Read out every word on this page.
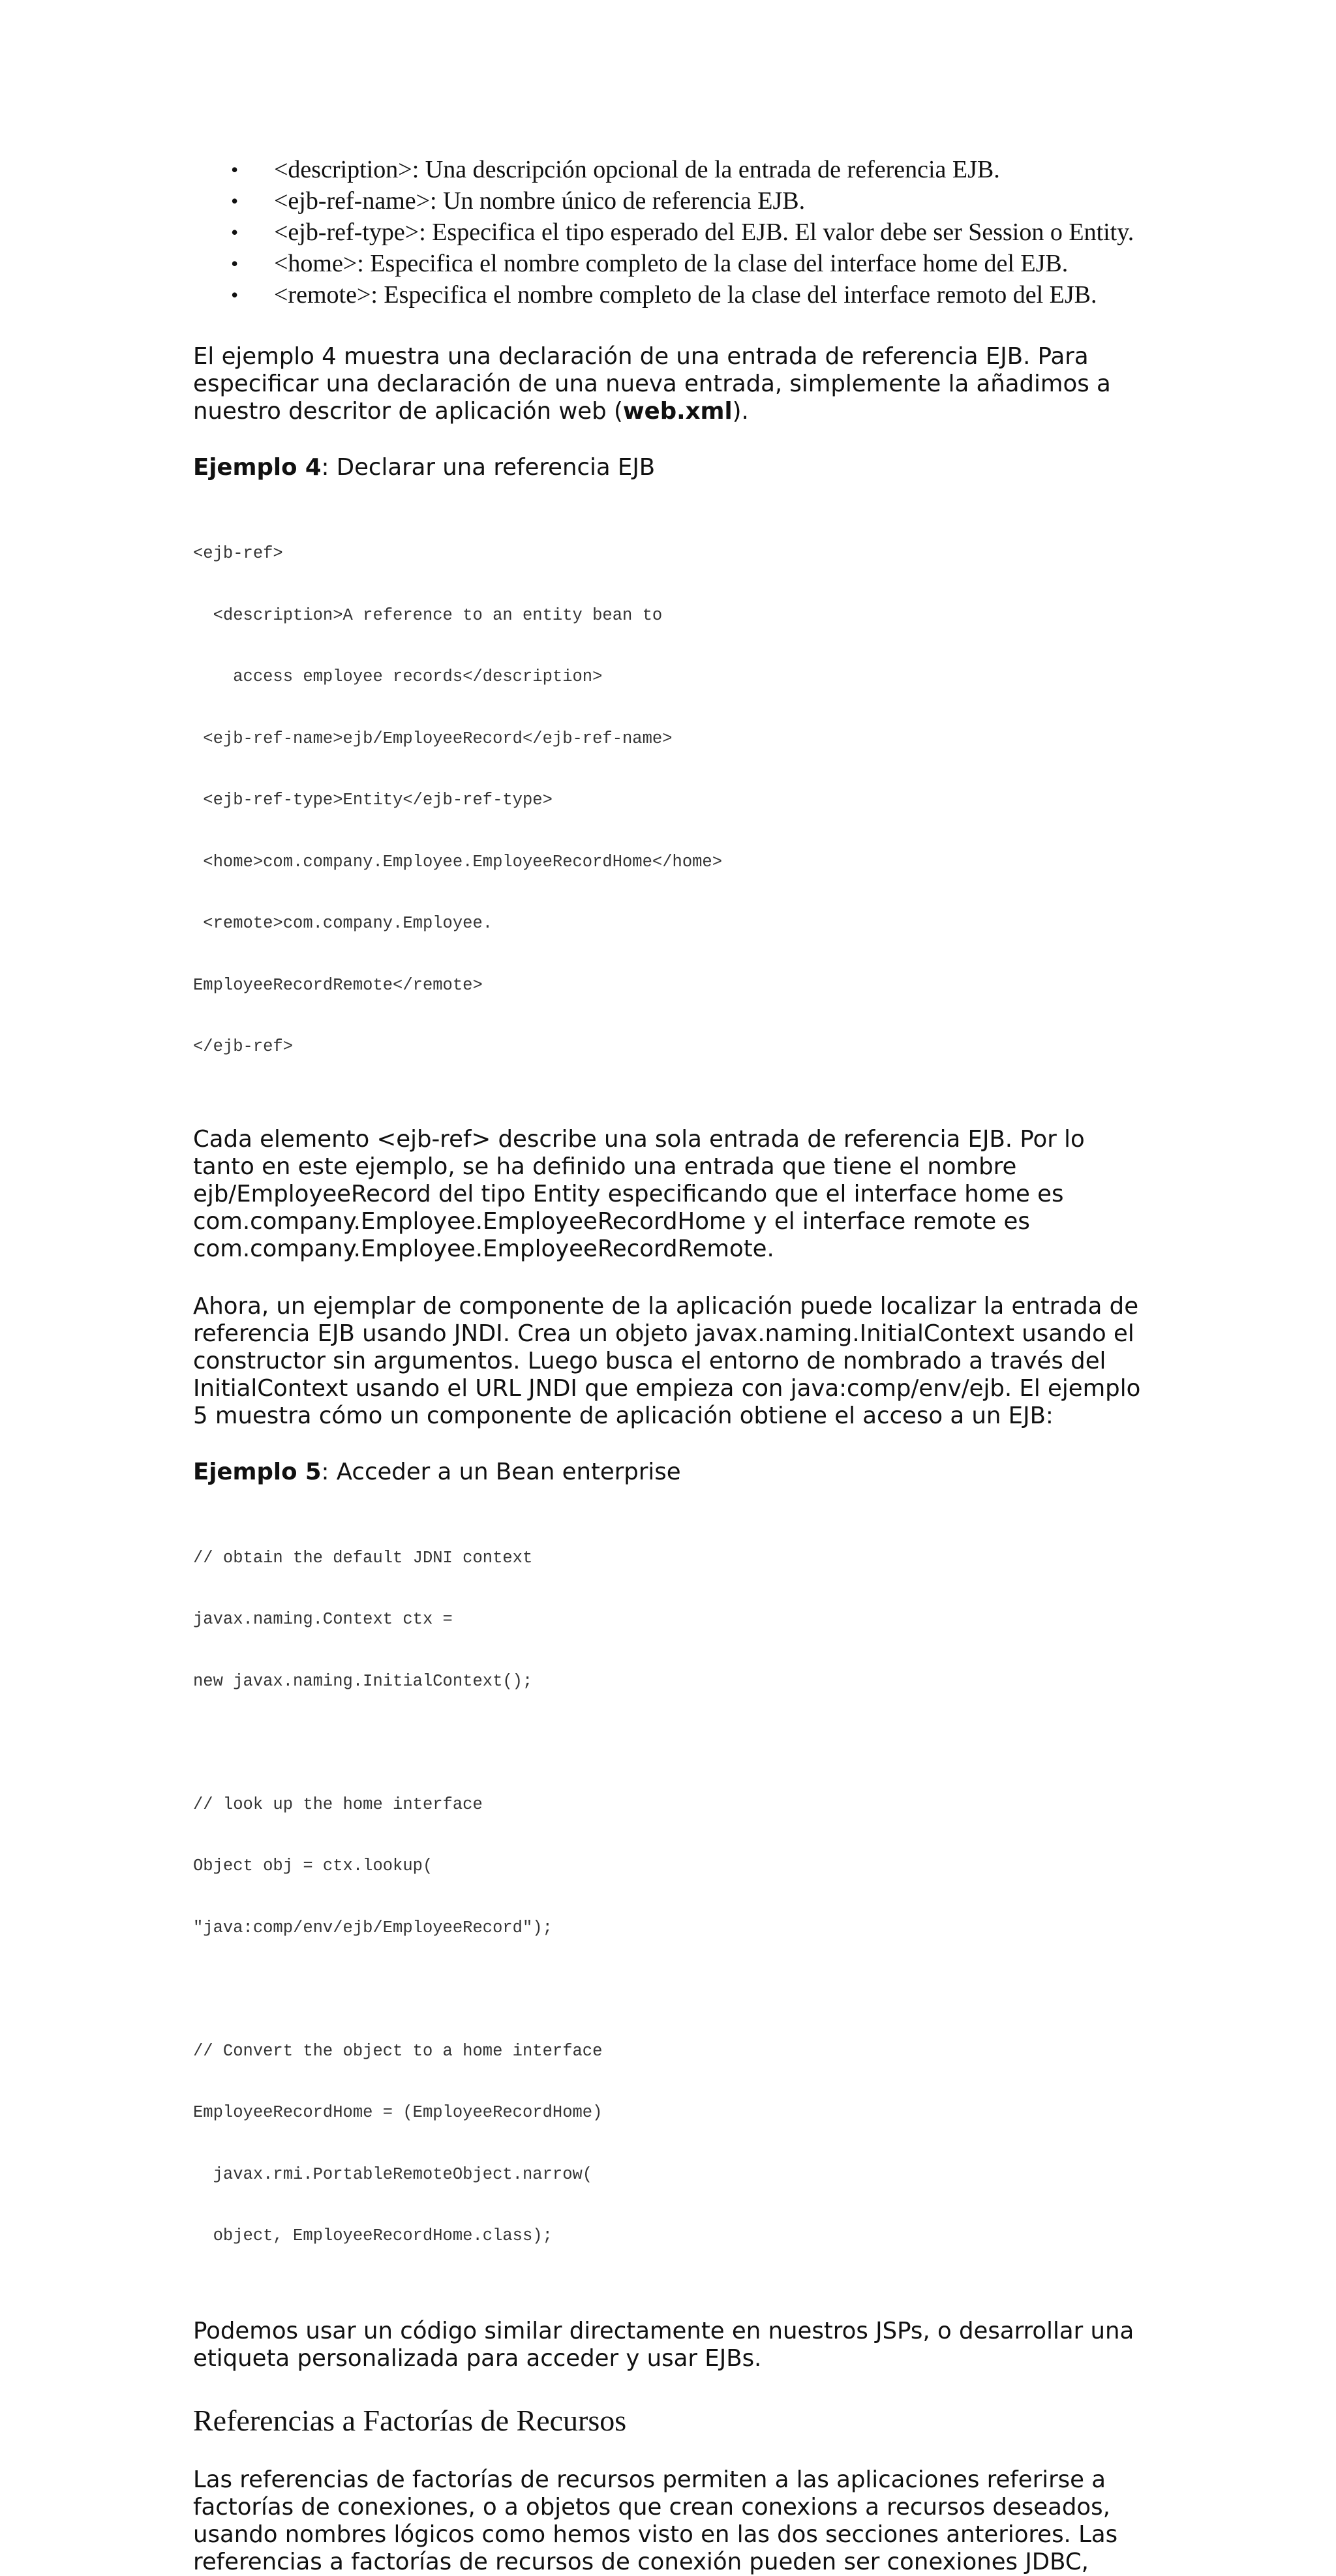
• <description>: Una descripción opcional de la entrada de referencia EJB.
• <ejb-ref-name>: Un nombre único de referencia EJB.
• <ejb-ref-type>: Especifica el tipo esperado del EJB. El valor debe ser Session o Entity.
• <home>: Especifica el nombre completo de la clase del interface home del EJB.
• <remote>: Especifica el nombre completo de la clase del interface remoto del EJB.

El ejemplo 4 muestra una declaración de una entrada de referencia EJB. Para especificar una declaración de una nueva entrada, simplemente la añadimos a nuestro descritor de aplicación web (web.xml).

Ejemplo 4: Declarar una referencia EJB

<ejb-ref>

<description>A reference to an entity bean to

access employee records</description>

<ejb-ref-name>ejb/EmployeeRecord</ejb-ref-name>

<ejb-ref-type>Entity</ejb-ref-type>

<home>com.company.Employee.EmployeeRecordHome</home>

<remote>com.company.Employee.

EmployeeRecordRemote</remote>

</ejb-ref>

Cada elemento <ejb-ref> describe una sola entrada de referencia EJB. Por lo tanto en este ejemplo, se ha definido una entrada que tiene el nombre ejb/EmployeeRecord del tipo Entity especificando que el interface home es com.company.Employee.EmployeeRecordHome y el interface remote es com.company.Employee.EmployeeRecordRemote.

Ahora, un ejemplar de componente de la aplicación puede localizar la entrada de referencia EJB usando JNDI. Crea un objeto javax.naming.InitialContext usando el constructor sin argumentos. Luego busca el entorno de nombrado a través del InitialContext usando el URL JNDI que empieza con java:comp/env/ejb. El ejemplo 5 muestra cómo un componente de aplicación obtiene el acceso a un EJB:

Ejemplo 5: Acceder a un Bean enterprise

// obtain the default JDNI context

javax.naming.Context ctx =

new javax.naming.InitialContext();

// look up the home interface

Object obj = ctx.lookup(

"java:comp/env/ejb/EmployeeRecord");

// Convert the object to a home interface

EmployeeRecordHome = (EmployeeRecordHome)

javax.rmi.PortableRemoteObject.narrow(

object, EmployeeRecordHome.class);

Podemos usar un código similar directamente en nuestros JSPs, o desarrollar una etiqueta personalizada para acceder y usar EJBs.

Referencias a Factorías de Recursos

Las referencias de factorías de recursos permiten a las aplicaciones referirse a factorías de conexiones, o a objetos que crean conexions a recursos deseados, usando nombres lógicos como hemos visto en las dos secciones anteriores. Las referencias a factorías de recursos de conexión pueden ser conexiones JDBC,
